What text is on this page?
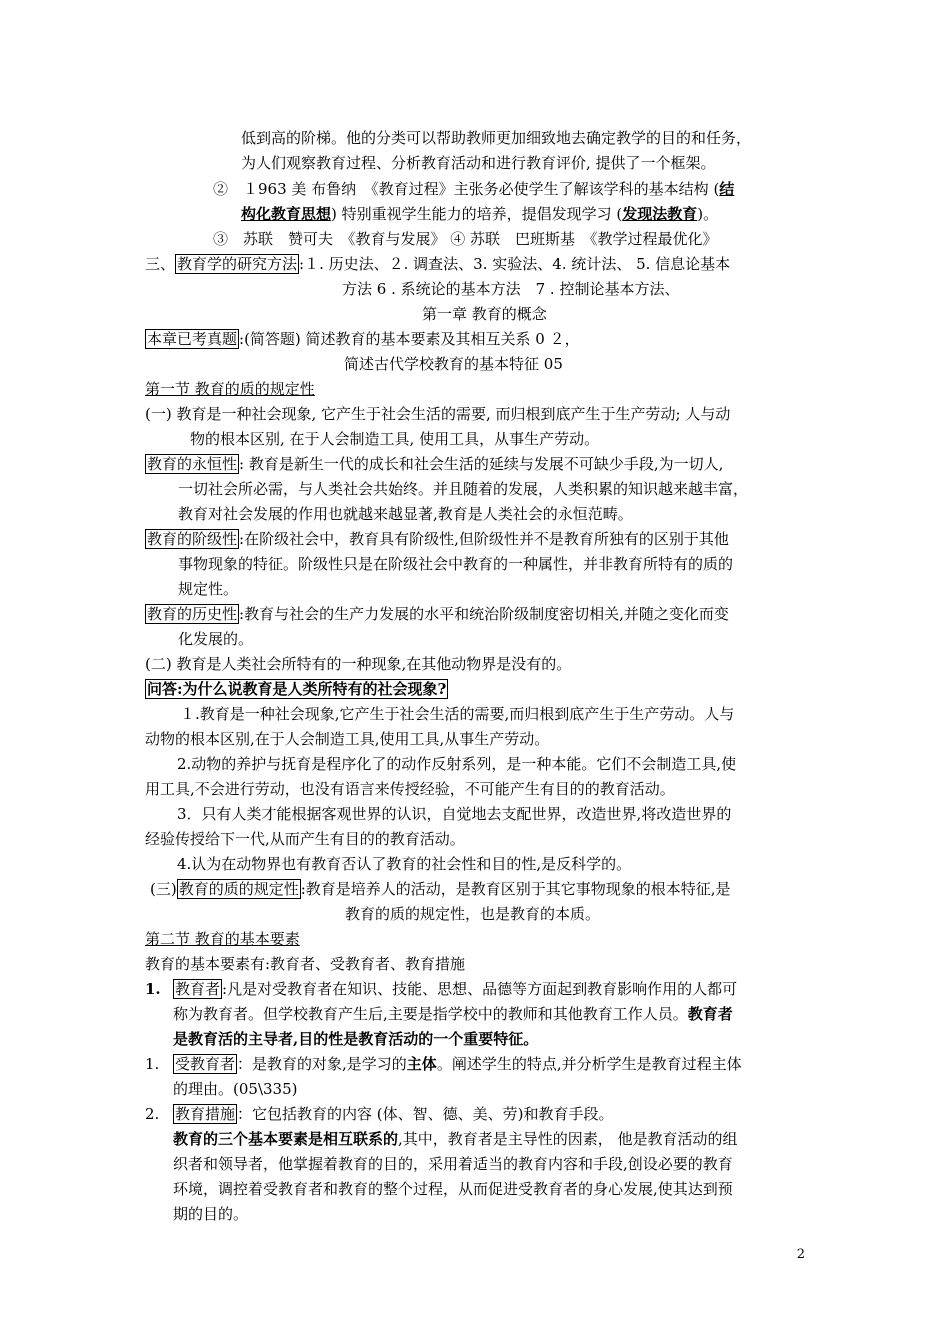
低到高的阶梯。他的分类可以帮助教师更加细致地去确定教学的目的和任务，
为人们观察教育过程、分析教育活动和进行教育评价, 提供了一个框架。
②　１963 美 布鲁纳　《教育过程》主张务必使学生了解该学科的基本结构 (结
构化教育思想) 特别重视学生能力的培养，提倡发现学习 (发现法教育)。
③　苏联　赞可夫　《教育与发展》 ④ 苏联　巴班斯基　《教学过程最优化》
三、 教育学的研究方法 :１. 历史法、２. 调查法、3. 实验法、4. 统计法、 5. 信息论基本
方法 6 . 系统论的基本方法　7 . 控制论基本方法、
第一章 教育的概念
本章已考真题 :(简答题) 简述教育的基本要素及其相互关系 0 ２，
简述古代学校教育的基本特征 05
第一节 教育的质的规定性
(一) 教育是一种社会现象, 它产生于社会生活的需要, 而归根到底产生于生产劳动; 人与动
物的根本区别, 在于人会制造工具, 使用工具，从事生产劳动。
教育的永恒性 : 教育是新生一代的成长和社会生活的延续与发展不可缺少手段,为一切人,
一切社会所必需，与人类社会共始终。并且随着的发展，人类积累的知识越来越丰富，
教育对社会发展的作用也就越来越显著,教育是人类社会的永恒范畴。
教育的阶级性 :在阶级社会中，教育具有阶级性,但阶级性并不是教育所独有的区别于其他
事物现象的特征。阶级性只是在阶级社会中教育的一种属性，并非教育所特有的质的
规定性。
教育的历史性 :教育与社会的生产力发展的水平和统治阶级制度密切相关,并随之变化而变
化发展的。
(二) 教育是人类社会所特有的一种现象,在其他动物界是没有的。
问答:为什么说教育是人类所特有的社会现象?
１.教育是一种社会现象,它产生于社会生活的需要,而归根到底产生于生产劳动。人与
动物的根本区别,在于人会制造工具,使用工具,从事生产劳动。
2.动物的养护与抚育是程序化了的动作反射系列，是一种本能。它们不会制造工具,使
用工具,不会进行劳动，也没有语言来传授经验，不可能产生有目的的教育活动。
3．只有人类才能根据客观世界的认识，自觉地去支配世界，改造世界,将改造世界的
经验传授给下一代,从而产生有目的的教育活动。
4.认为在动物界也有教育否认了教育的社会性和目的性,是反科学的。
(三) 教育的质的规定性 :教育是培养人的活动，是教育区别于其它事物现象的根本特征,是
教育的质的规定性，也是教育的本质。
第二节 教育的基本要素
教育的基本要素有:教育者、受教育者、教育措施
1. 教育者 :凡是对受教育者在知识、技能、思想、品德等方面起到教育影响作用的人都可
称为教育者。但学校教育产生后,主要是指学校中的教师和其他教育工作人员。教育者
是教育活的主导者,目的性是教育活动的一个重要特征。
1. 受教育者 ：是教育的对象,是学习的主体。阐述学生的特点,并分析学生是教育过程主体
的理由。(05\335)
2. 教育措施 ：它包括教育的内容 (体、智、德、美、劳)和教育手段。
教育的三个基本要素是相互联系的,其中，教育者是主导性的因素， 他是教育活动的组
织者和领导者，他掌握着教育的目的，采用着适当的教育内容和手段,创设必要的教育
环境，调控着受教育者和教育的整个过程，从而促进受教育者的身心发展,使其达到预
期的目的。
2
